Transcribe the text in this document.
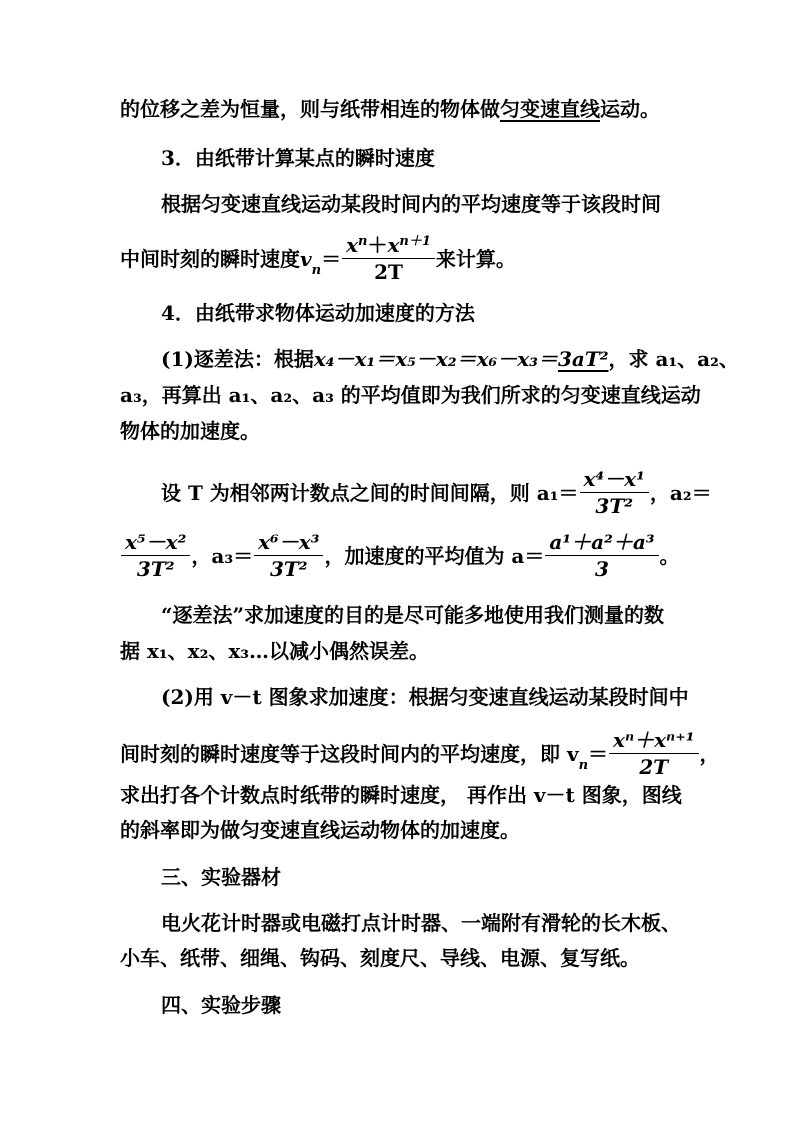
的位移之差为恒量，则与纸带相连的物体做匀变速直线运动。
3．由纸带计算某点的瞬时速度
根据匀变速直线运动某段时间内的平均速度等于该段时间
中间时刻的瞬时速度$v_n= \frac{x^n+x^{n+1}}{2T}$ 来计算。
4．由纸带求物体运动加速度的方法
(1)逐差法：根据x₄－x₁＝x₅－x₂＝x₆－x₃＝3aT²，求 a₁、a₂、
a₃，再算出 a₁、a₂、a₃ 的平均值即为我们所求的匀变速直线运动
物体的加速度。
设 T 为相邻两计数点之间的时间间隔，则 $a_1= \frac{\text{x⁴－x¹}}{\text{3T²}}$ ，a₂＝
$\frac{\text{x⁵－x²}}{\text{3T²}}$ ，$a_3= \frac{\text{x⁶－x³}}{\text{3T²}}$ ，加速度的平均值为 $a= \frac{\text{a¹＋a²＋a³}}{3}$ 。
“逐差法”求加速度的目的是尽可能多地使用我们测量的数
据 x₁、x₂、x₃…以减小偶然误差。
(2)用 v－t 图象求加速度：根据匀变速直线运动某段时间中
间时刻的瞬时速度等于这段时间内的平均速度，即 $v_n= \frac{\text{xⁿ＋xⁿ⁺¹}}{2T}$ ，
求出打各个计数点时纸带的瞬时速度， 再作出 v－t 图象，图线
的斜率即为做匀变速直线运动物体的加速度。
三、实验器材
电火花计时器或电磁打点计时器、一端附有滑轮的长木板、
小车、纸带、细绳、钩码、刻度尺、导线、电源、复写纸。
四、实验步骤
